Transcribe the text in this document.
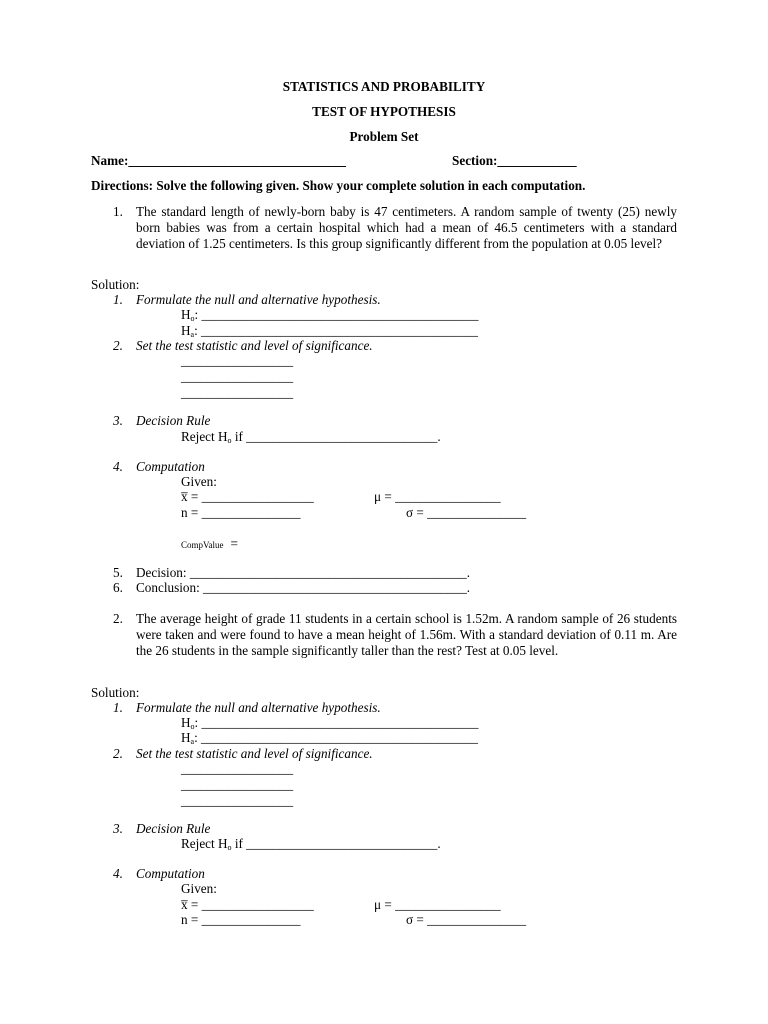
STATISTICS AND PROBABILITY
TEST OF HYPOTHESIS
Problem Set
Name:_________________________________	Section:____________
Directions: Solve the following given. Show your complete solution in each computation.
1. The standard length of newly-born baby is 47 centimeters. A random sample of twenty (25) newly born babies was from a certain hospital which had a mean of 46.5 centimeters with a standard deviation of 1.25 centimeters. Is this group significantly different from the population at 0.05 level?
Solution:
1. Formulate the null and alternative hypothesis.
$H_o$: __________________________________________
$H_a$: __________________________________________
2. Set the test statistic and level of significance.
_________________
_________________
_________________
3. Decision Rule
Reject $H_o$ if _____________________________.
4. Computation
Given:
x̅ = _________________	μ = ________________
n = _______________	σ = _______________
CompValue =
5. Decision: __________________________________________.
6. Conclusion: ________________________________________.
2. The average height of grade 11 students in a certain school is 1.52m. A random sample of 26 students were taken and were found to have a mean height of 1.56m. With a standard deviation of 0.11 m. Are the 26 students in the sample significantly taller than the rest? Test at 0.05 level.
Solution:
1. Formulate the null and alternative hypothesis.
$H_o$: __________________________________________
$H_a$: __________________________________________
2. Set the test statistic and level of significance.
_________________
_________________
_________________
3. Decision Rule
Reject $H_o$ if _____________________________.
4. Computation
Given:
x̅ = _________________	μ = ________________
n = _______________	σ = _______________
